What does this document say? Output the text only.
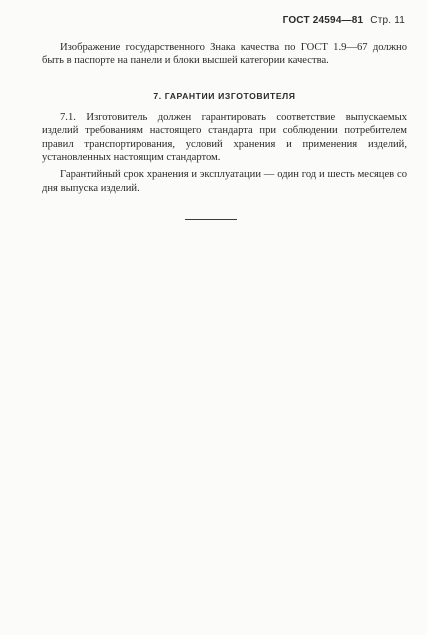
ГОСТ 24594—81 Стр. 11

Изображение государственного Знака качества по ГОСТ 1.9—67 должно быть в паспорте на панели и блоки высшей категории качества.

7. ГАРАНТИИ ИЗГОТОВИТЕЛЯ

7.1. Изготовитель должен гарантировать соответствие выпускаемых изделий требованиям настоящего стандарта при соблюдении потребителем правил транспортирования, условий хранения и применения изделий, установленных настоящим стандартом.

Гарантийный срок хранения и эксплуатации — один год и шесть месяцев со дня выпуска изделий.
